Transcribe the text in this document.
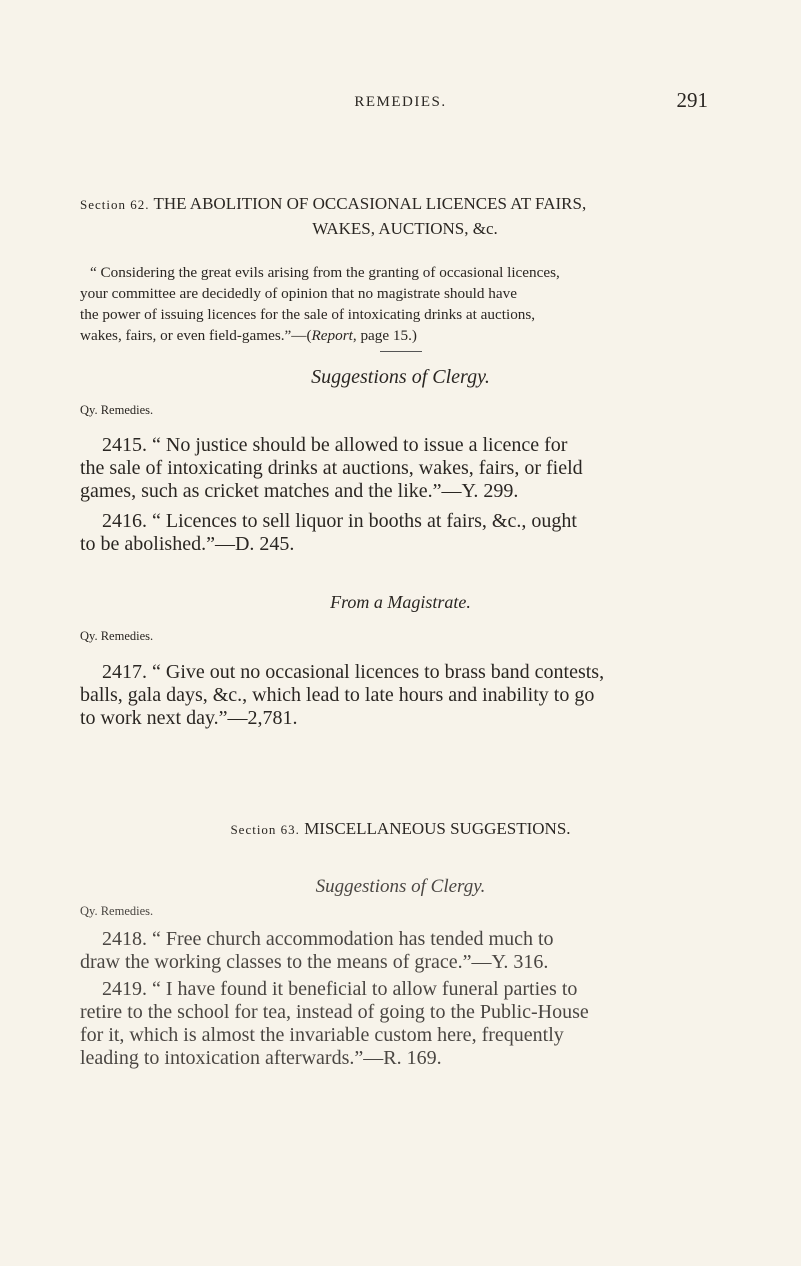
REMEDIES.	291
Section 62. THE ABOLITION OF OCCASIONAL LICENCES AT FAIRS,
WAKES, AUCTIONS, &c.
“ Considering the great evils arising from the granting of occasional licences,
your committee are decidedly of opinion that no magistrate should have
the power of issuing licences for the sale of intoxicating drinks at auctions,
wakes, fairs, or even field-games.”—(Report, page 15.)
Suggestions of Clergy.
Qy. Remedies.
2415. “ No justice should be allowed to issue a licence for
the sale of intoxicating drinks at auctions, wakes, fairs, or field
games, such as cricket matches and the like.”—Y. 299.
2416. “ Licences to sell liquor in booths at fairs, &c., ought
to be abolished.”—D. 245.
From a Magistrate.
Qy. Remedies.
2417. “ Give out no occasional licences to brass band contests,
balls, gala days, &c., which lead to late hours and inability to go
to work next day.”—2,781.
Section 63. MISCELLANEOUS SUGGESTIONS.
Suggestions of Clergy.
Qy. Remedies.
2418. “ Free church accommodation has tended much to
draw the working classes to the means of grace.”—Y. 316.
2419. “ I have found it beneficial to allow funeral parties to
retire to the school for tea, instead of going to the Public-House
for it, which is almost the invariable custom here, frequently
leading to intoxication afterwards.”—R. 169.
